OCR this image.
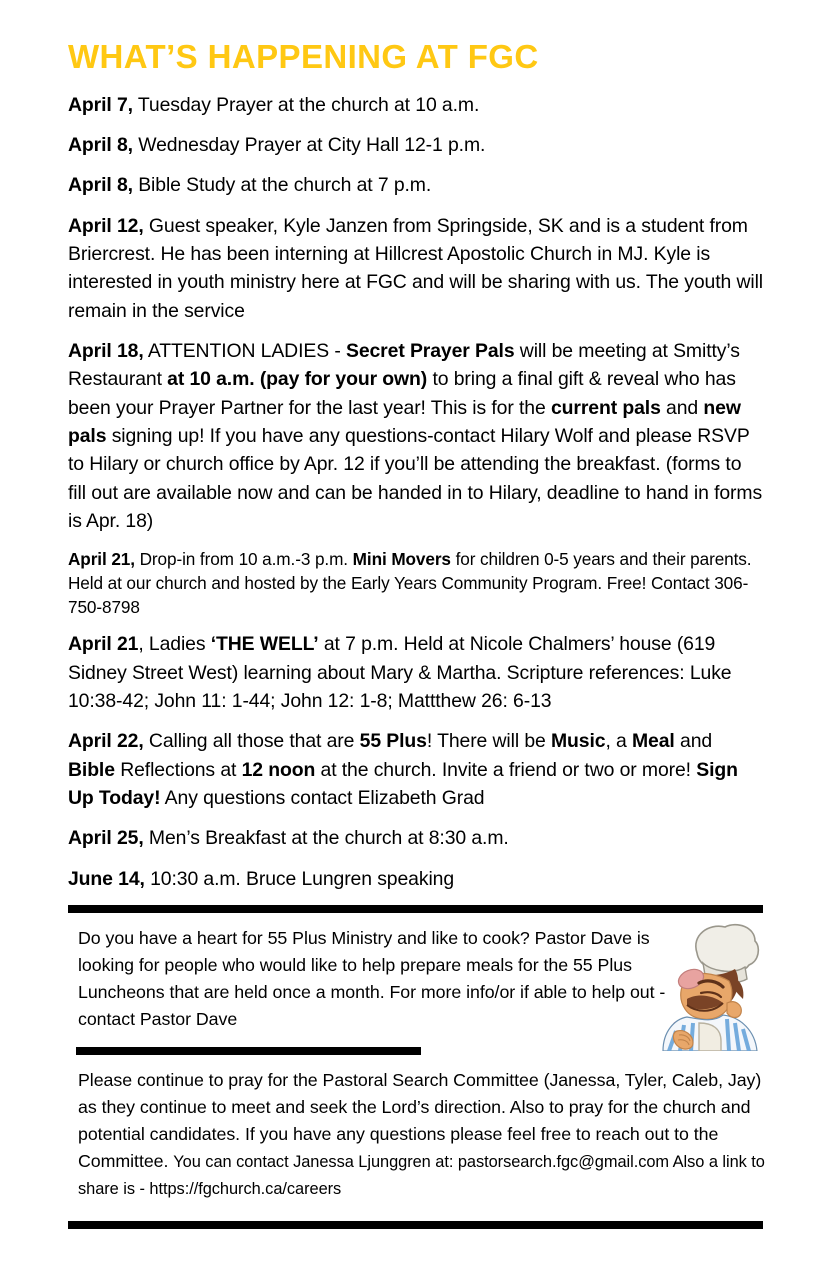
WHAT’S HAPPENING AT FGC

April 7, Tuesday Prayer at the church at 10 a.m.

April 8, Wednesday Prayer at City Hall 12-1 p.m.

April 8, Bible Study at the church at 7 p.m.

April 12, Guest speaker, Kyle Janzen from Springside, SK and is a student from Briercrest. He has been interning at Hillcrest Apostolic Church in MJ. Kyle is interested in youth ministry here at FGC and will be sharing with us. The youth will remain in the service

April 18, ATTENTION LADIES - Secret Prayer Pals will be meeting at Smitty’s Restaurant at 10 a.m. (pay for your own) to bring a final gift & reveal who has been your Prayer Partner for the last year! This is for the current pals and new pals signing up! If you have any questions-contact Hilary Wolf and please RSVP to Hilary or church office by Apr. 12 if you’ll be attending the breakfast. (forms to fill out are available now and can be handed in to Hilary, deadline to hand in forms is Apr. 18)

April 21, Drop-in from 10 a.m.-3 p.m. Mini Movers for children 0-5 years and their parents. Held at our church and hosted by the Early Years Community Program. Free! Contact 306-750-8798

April 21, Ladies ‘THE WELL’ at 7 p.m. Held at Nicole Chalmers’ house (619 Sidney Street West) learning about Mary & Martha. Scripture references: Luke 10:38-42; John 11: 1-44; John 12: 1-8; Mattthew 26: 6-13

April 22, Calling all those that are 55 Plus! There will be Music, a Meal and Bible Reflections at 12 noon at the church. Invite a friend or two or more! Sign Up Today! Any questions contact Elizabeth Grad

April 25, Men’s Breakfast at the church at 8:30 a.m.

June 14, 10:30 a.m. Bruce Lungren speaking

Do you have a heart for 55 Plus Ministry and like to cook? Pastor Dave is looking for people who would like to help prepare meals for the 55 Plus Luncheons that are held once a month. For more info/or if able to help out - contact Pastor Dave

Please continue to pray for the Pastoral Search Committee (Janessa, Tyler, Caleb, Jay) as they continue to meet and seek the Lord’s direction. Also to pray for the church and potential candidates. If you have any questions please feel free to reach out to the Committee. You can contact Janessa Ljunggren at: pastorsearch.fgc@gmail.com Also a link to share is - https://fgchurch.ca/careers
